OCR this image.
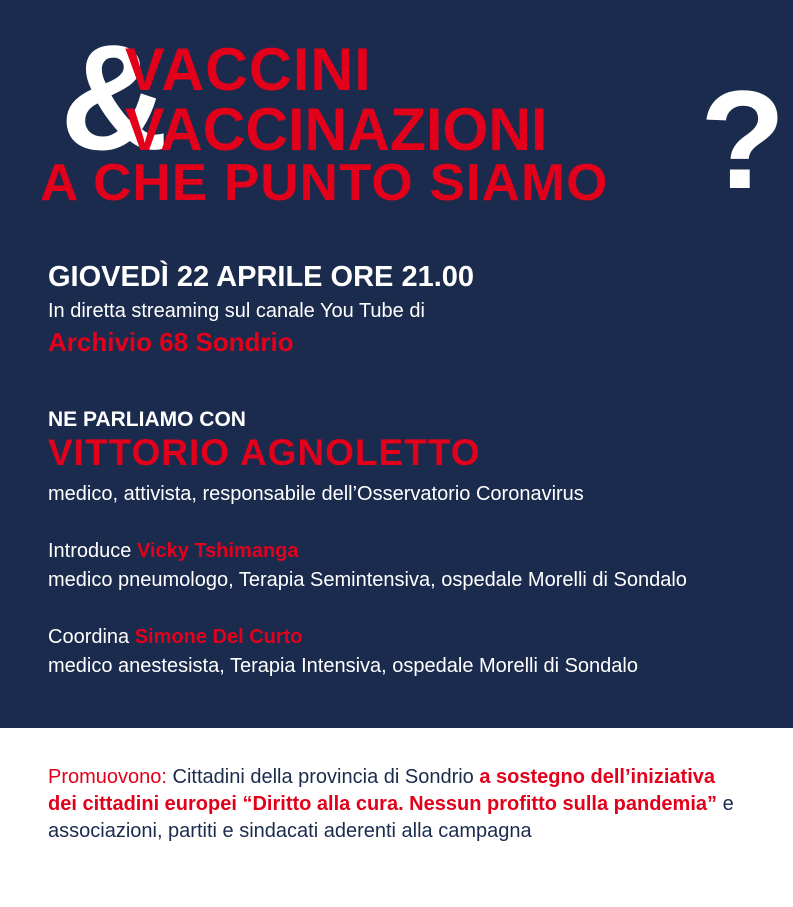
&
VACCINI
VACCINAZIONI
A CHE PUNTO SIAMO ?
GIOVEDÌ 22 APRILE ORE 21.00
In diretta streaming sul canale You Tube di
Archivio 68 Sondrio
NE PARLIAMO CON
VITTORIO AGNOLETTO
medico, attivista, responsabile dell’Osservatorio Coronavirus
Introduce Vicky Tshimanga
medico pneumologo, Terapia Semintensiva, ospedale Morelli di Sondalo
Coordina Simone Del Curto
medico anestesista, Terapia Intensiva, ospedale Morelli di Sondalo
Promuovono: Cittadini della provincia di Sondrio a sostegno dell’iniziativa dei cittadini europei “Diritto alla cura. Nessun profitto sulla pandemia” e associazioni, partiti e sindacati aderenti alla campagna
